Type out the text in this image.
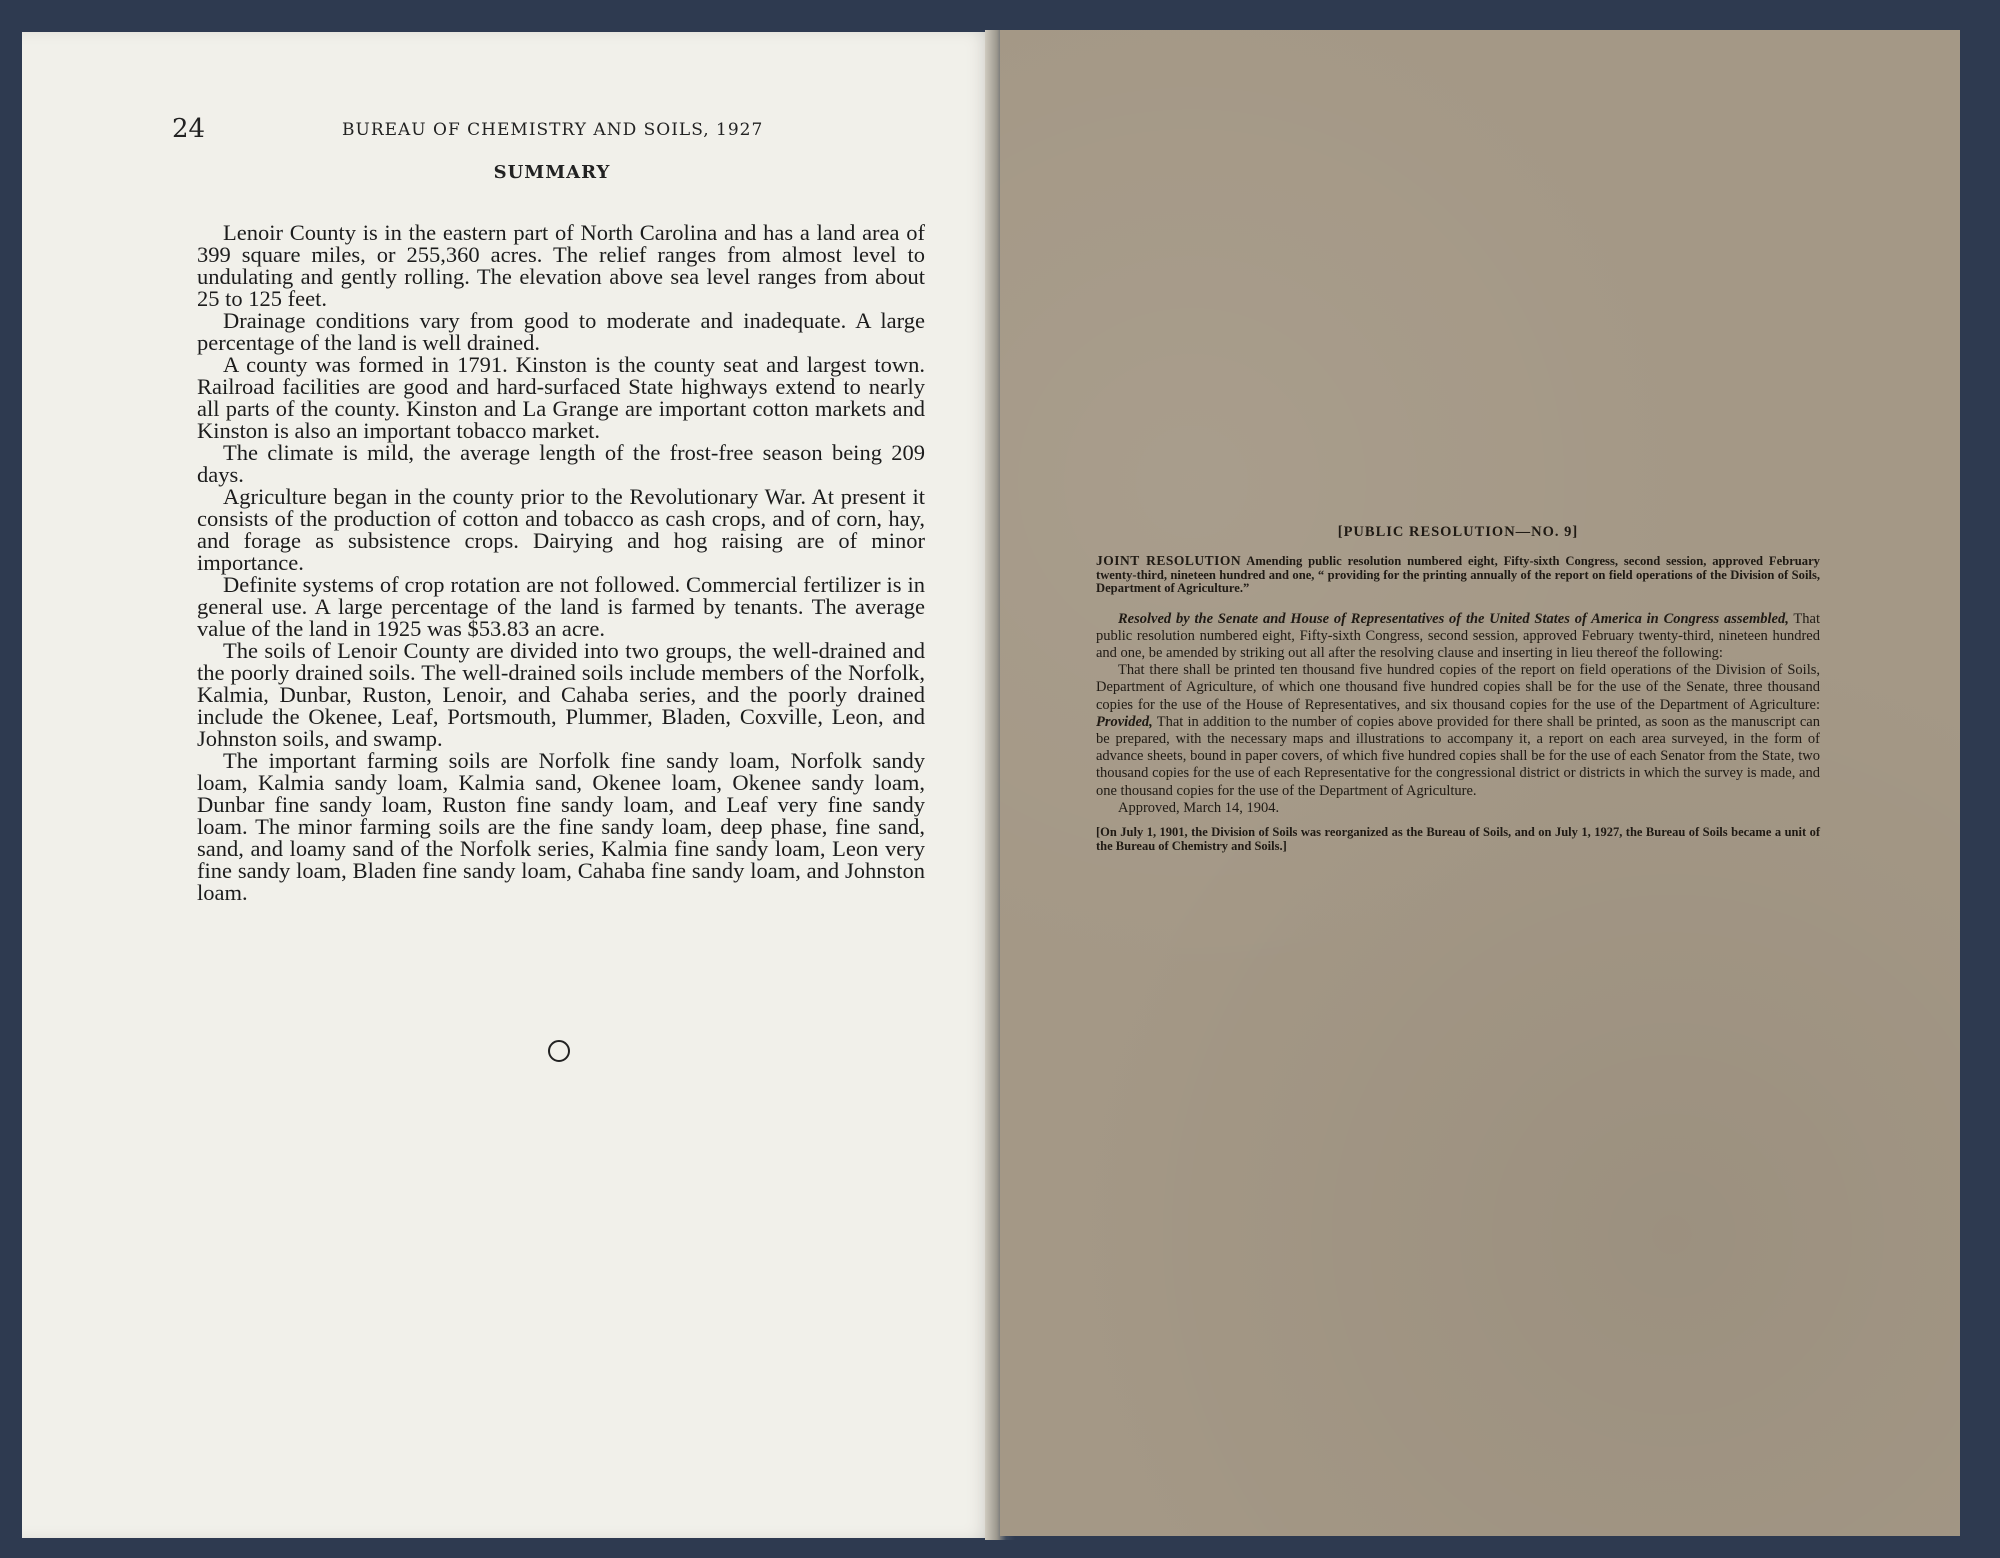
24	BUREAU OF CHEMISTRY AND SOILS, 1927
SUMMARY

Lenoir County is in the eastern part of North Carolina and has a land area of 399 square miles, or 255,360 acres. The relief ranges from almost level to undulating and gently rolling. The elevation above sea level ranges from about 25 to 125 feet.

Drainage conditions vary from good to moderate and inadequate. A large percentage of the land is well drained.

A county was formed in 1791. Kinston is the county seat and largest town. Railroad facilities are good and hard-surfaced State highways extend to nearly all parts of the county. Kinston and La Grange are important cotton markets and Kinston is also an important tobacco market.

The climate is mild, the average length of the frost-free season being 209 days.

Agriculture began in the county prior to the Revolutionary War. At present it consists of the production of cotton and tobacco as cash crops, and of corn, hay, and forage as subsistence crops. Dairying and hog raising are of minor importance.

Definite systems of crop rotation are not followed. Commercial fertilizer is in general use. A large percentage of the land is farmed by tenants. The average value of the land in 1925 was $53.83 an acre.

The soils of Lenoir County are divided into two groups, the well-drained and the poorly drained soils. The well-drained soils include members of the Norfolk, Kalmia, Dunbar, Ruston, Lenoir, and Cahaba series, and the poorly drained include the Okenee, Leaf, Portsmouth, Plummer, Bladen, Coxville, Leon, and Johnston soils, and swamp.

The important farming soils are Norfolk fine sandy loam, Norfolk sandy loam, Kalmia sandy loam, Kalmia sand, Okenee loam, Okenee sandy loam, Dunbar fine sandy loam, Ruston fine sandy loam, and Leaf very fine sandy loam. The minor farming soils are the fine sandy loam, deep phase, fine sand, sand, and loamy sand of the Norfolk series, Kalmia fine sandy loam, Leon very fine sandy loam, Bladen fine sandy loam, Cahaba fine sandy loam, and Johnston loam.

[PUBLIC RESOLUTION—NO. 9]
JOINT RESOLUTION Amending public resolution numbered eight, Fifty-sixth Congress, second session, approved February twenty-third, nineteen hundred and one, “ providing for the printing annually of the report on field operations of the Division of Soils, Department of Agriculture.”

Resolved by the Senate and House of Representatives of the United States of America in Congress assembled, That public resolution numbered eight, Fifty-sixth Congress, second session, approved February twenty-third, nineteen hundred and one, be amended by striking out all after the resolving clause and inserting in lieu thereof the following:

That there shall be printed ten thousand five hundred copies of the report on field operations of the Division of Soils, Department of Agriculture, of which one thousand five hundred copies shall be for the use of the Senate, three thousand copies for the use of the House of Representatives, and six thousand copies for the use of the Department of Agriculture: Provided, That in addition to the number of copies above provided for there shall be printed, as soon as the manuscript can be prepared, with the necessary maps and illustrations to accompany it, a report on each area surveyed, in the form of advance sheets, bound in paper covers, of which five hundred copies shall be for the use of each Senator from the State, two thousand copies for the use of each Representative for the congressional district or districts in which the survey is made, and one thousand copies for the use of the Department of Agriculture.

Approved, March 14, 1904.

[On July 1, 1901, the Division of Soils was reorganized as the Bureau of Soils, and on July 1, 1927, the Bureau of Soils became a unit of the Bureau of Chemistry and Soils.]
